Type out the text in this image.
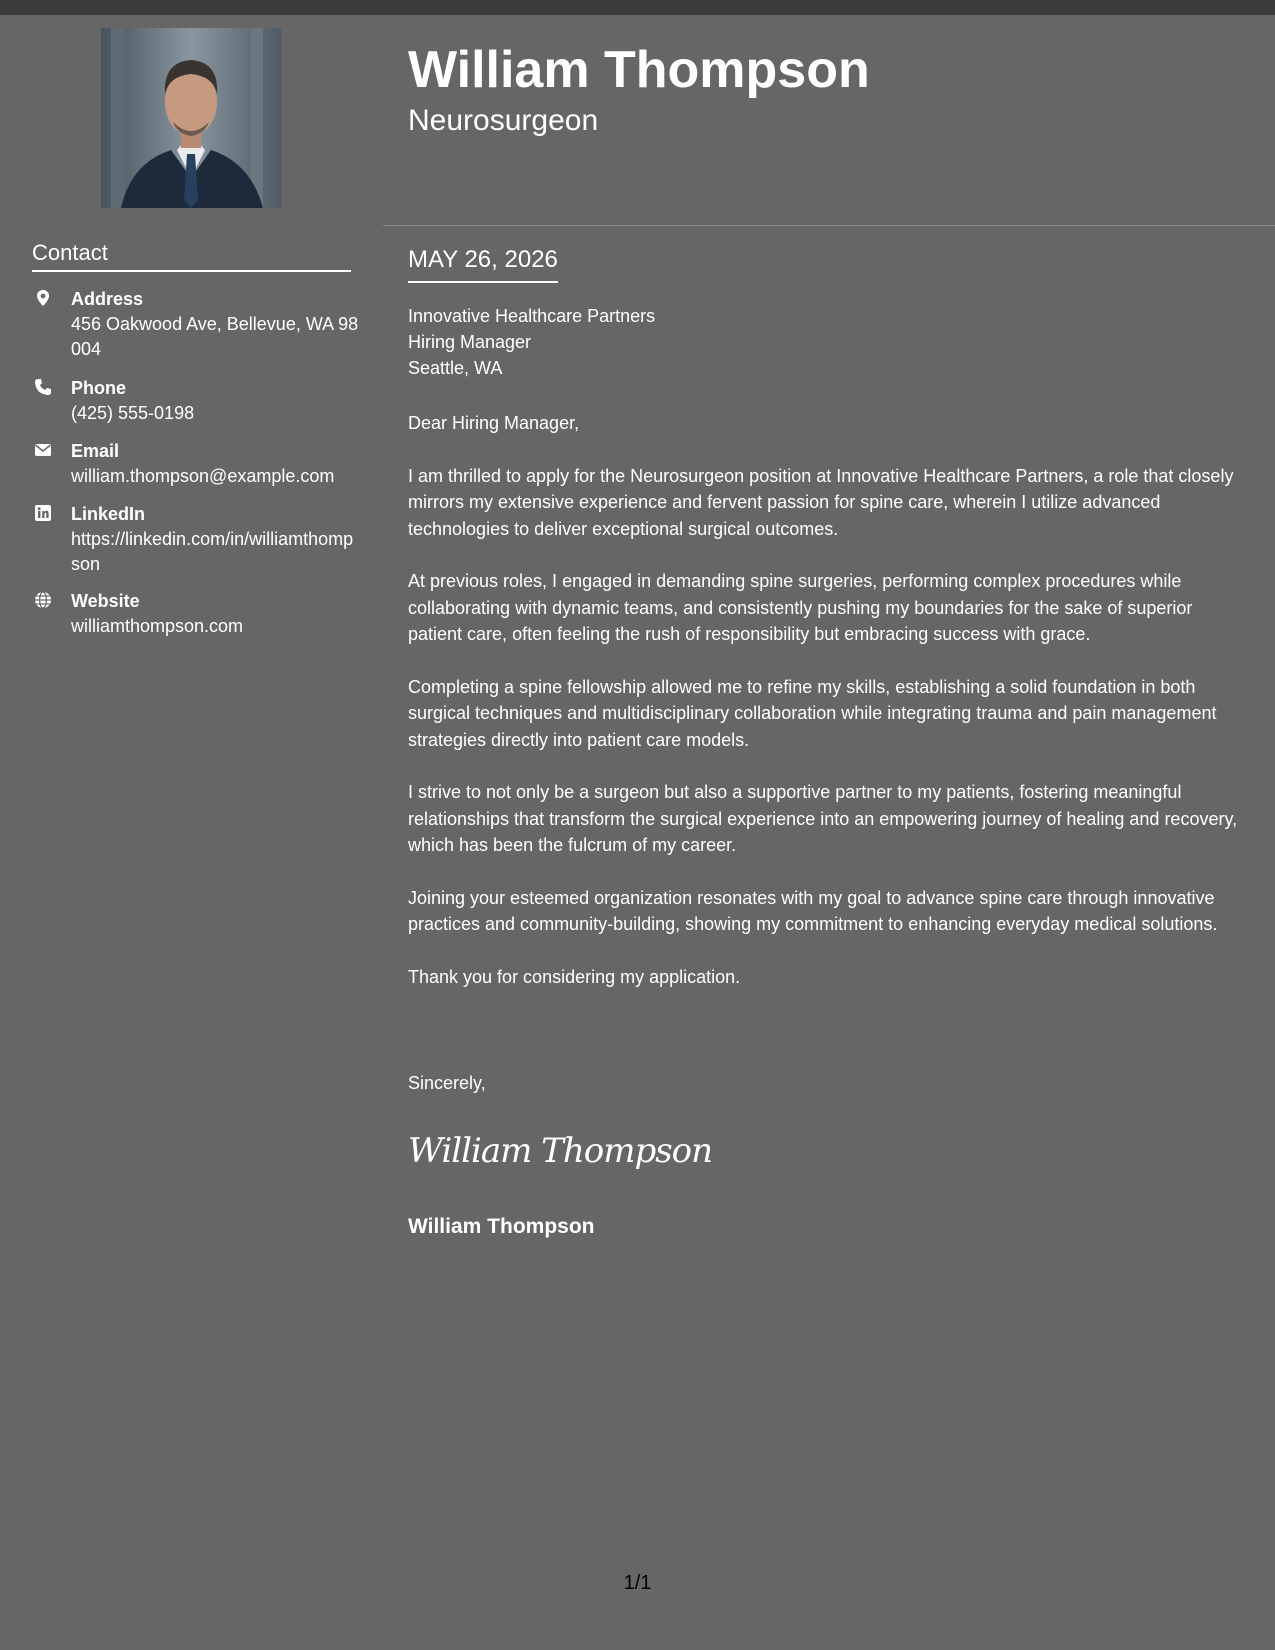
Contact
Address
456 Oakwood Ave, Bellevue, WA 98004
Phone
(425) 555-0198
Email
william.thompson@example.com
LinkedIn
https://linkedin.com/in/williamthompson
Website
williamthompson.com
William Thompson
Neurosurgeon
MAY 26, 2026
Innovative Healthcare Partners
Hiring Manager
Seattle, WA

Dear Hiring Manager,

I am thrilled to apply for the Neurosurgeon position at Innovative Healthcare Partners, a role that closely mirrors my extensive experience and fervent passion for spine care, wherein I utilize advanced technologies to deliver exceptional surgical outcomes.

At previous roles, I engaged in demanding spine surgeries, performing complex procedures while collaborating with dynamic teams, and consistently pushing my boundaries for the sake of superior patient care, often feeling the rush of responsibility but embracing success with grace.

Completing a spine fellowship allowed me to refine my skills, establishing a solid foundation in both surgical techniques and multidisciplinary collaboration while integrating trauma and pain management strategies directly into patient care models.

I strive to not only be a surgeon but also a supportive partner to my patients, fostering meaningful relationships that transform the surgical experience into an empowering journey of healing and recovery, which has been the fulcrum of my career.

Joining your esteemed organization resonates with my goal to advance spine care through innovative practices and community-building, showing my commitment to enhancing everyday medical solutions.

Thank you for considering my application.

Sincerely,
William Thompson
William Thompson
1/1
